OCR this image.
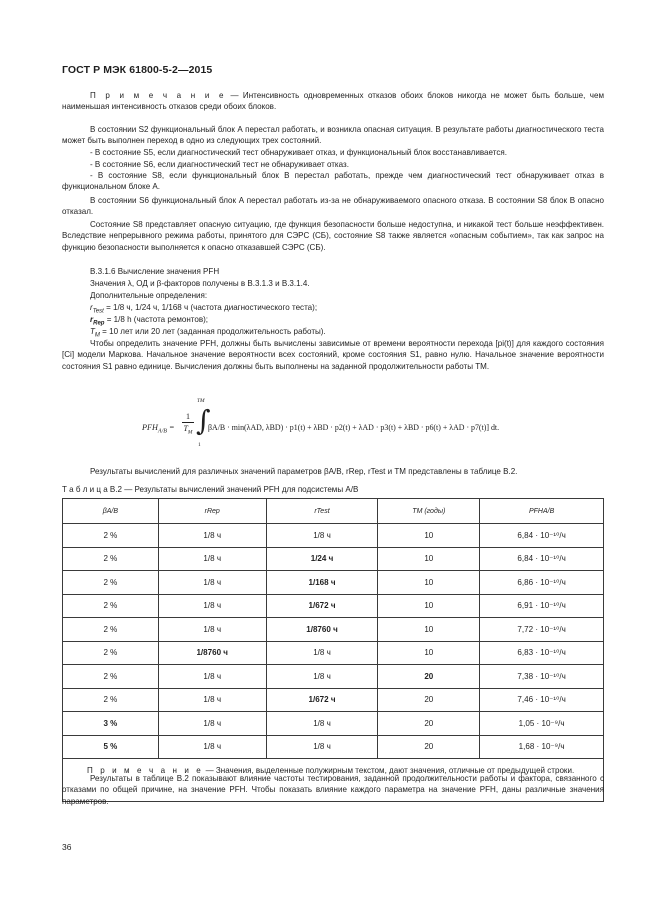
ГОСТ Р МЭК 61800-5-2—2015

П р и м е ч а н и е — Интенсивность одновременных отказов обоих блоков никогда не может быть больше, чем наименьшая интенсивность отказов среди обоих блоков.

В состоянии S2 функциональный блок А перестал работать, и возникла опасная ситуация. В результате работы диагностического теста может быть выполнен переход в одно из следующих трех состояний.

- В состояние S5, если диагностический тест обнаруживает отказ, и функциональный блок восстанавливается.

- В состояние S6, если диагностический тест не обнаруживает отказ.

- В состояние S8, если функциональный блок В перестал работать, прежде чем диагностический тест обнаруживает отказ в функциональном блоке А.

В состоянии S6 функциональный блок А перестал работать из-за не обнаруживаемого опасного отказа. В состоянии S8 блок В опасно отказал.

Состояние S8 представляет опасную ситуацию, где функция безопасности больше недоступна, и никакой тест больше неэффективен. Вследствие непрерывного режима работы, принятого для СЭРС (СБ), состояние S8 также является «опасным событием», так как запрос на функцию безопасности выполняется к опасно отказавшей СЭРС (СБ).

В.3.1.6 Вычисление значения PFH

Значения λ, ОД и β-факторов получены в В.3.1.3 и В.3.1.4.

Дополнительные определения:

$r_{Test} = 1/8$ ч, 1/24 ч, 1/168 ч (частота диагностического теста);

$r_{Rep} = 1/8$ h (частота ремонтов);

$T_M = 10$ лет или 20 лет (заданная продолжительность работы).

Чтобы определить значение PFH, должны быть вычислены зависимые от времени вероятности перехода [pi(t)] для каждого состояния [Ci] модели Маркова. Начальное значение вероятности всех состояний, кроме состояния S1, равно нулю. Начальное значение вероятности состояния S1 равно единице. Вычисления должны быть выполнены на заданной продолжительности работы TM.

$PFH_{A/B}$ =
1
$T_M$
TM
∫
1
βA/B · min(λAD, λBD) · p1(t) + λBD · p2(t) + λAD · p3(t) + λBD · p6(t) + λAD · p7(t)] dt.

Результаты вычислений для различных значений параметров βA/B, rRep, rTest и TM представлены в таблице В.2.

Т а б л и ц а В.2 — Результаты вычислений значений PFH для подсистемы А/В
βA/B	rRep	rTest	TM (годы)	PFHA/B
2 %	1/8 ч	1/8 ч	10	6,84 · 10⁻¹⁰/ч
2 %	1/8 ч	1/24 ч	10	6,84 · 10⁻¹⁰/ч
2 %	1/8 ч	1/168 ч	10	6,86 · 10⁻¹⁰/ч
2 %	1/8 ч	1/672 ч	10	6,91 · 10⁻¹⁰/ч
2 %	1/8 ч	1/8760 ч	10	7,72 · 10⁻¹⁰/ч
2 %	1/8760 ч	1/8 ч	10	6,83 · 10⁻¹⁰/ч
2 %	1/8 ч	1/8 ч	20	7,38 · 10⁻¹⁰/ч
2 %	1/8 ч	1/672 ч	20	7,46 · 10⁻¹⁰/ч
3 %	1/8 ч	1/8 ч	20	1,05 · 10⁻⁹/ч
5 %	1/8 ч	1/8 ч	20	1,68 · 10⁻⁹/ч

П р и м е ч а н и е — Значения, выделенные полужирным текстом, дают значения, отличные от предыдущей строки.				

Результаты в таблице В.2 показывают влияние частоты тестирования, заданной продолжительности работы и фактора, связанного с отказами по общей причине, на значение PFH. Чтобы показать влияние каждого параметра на значение PFH, даны различные значения параметров.

36
